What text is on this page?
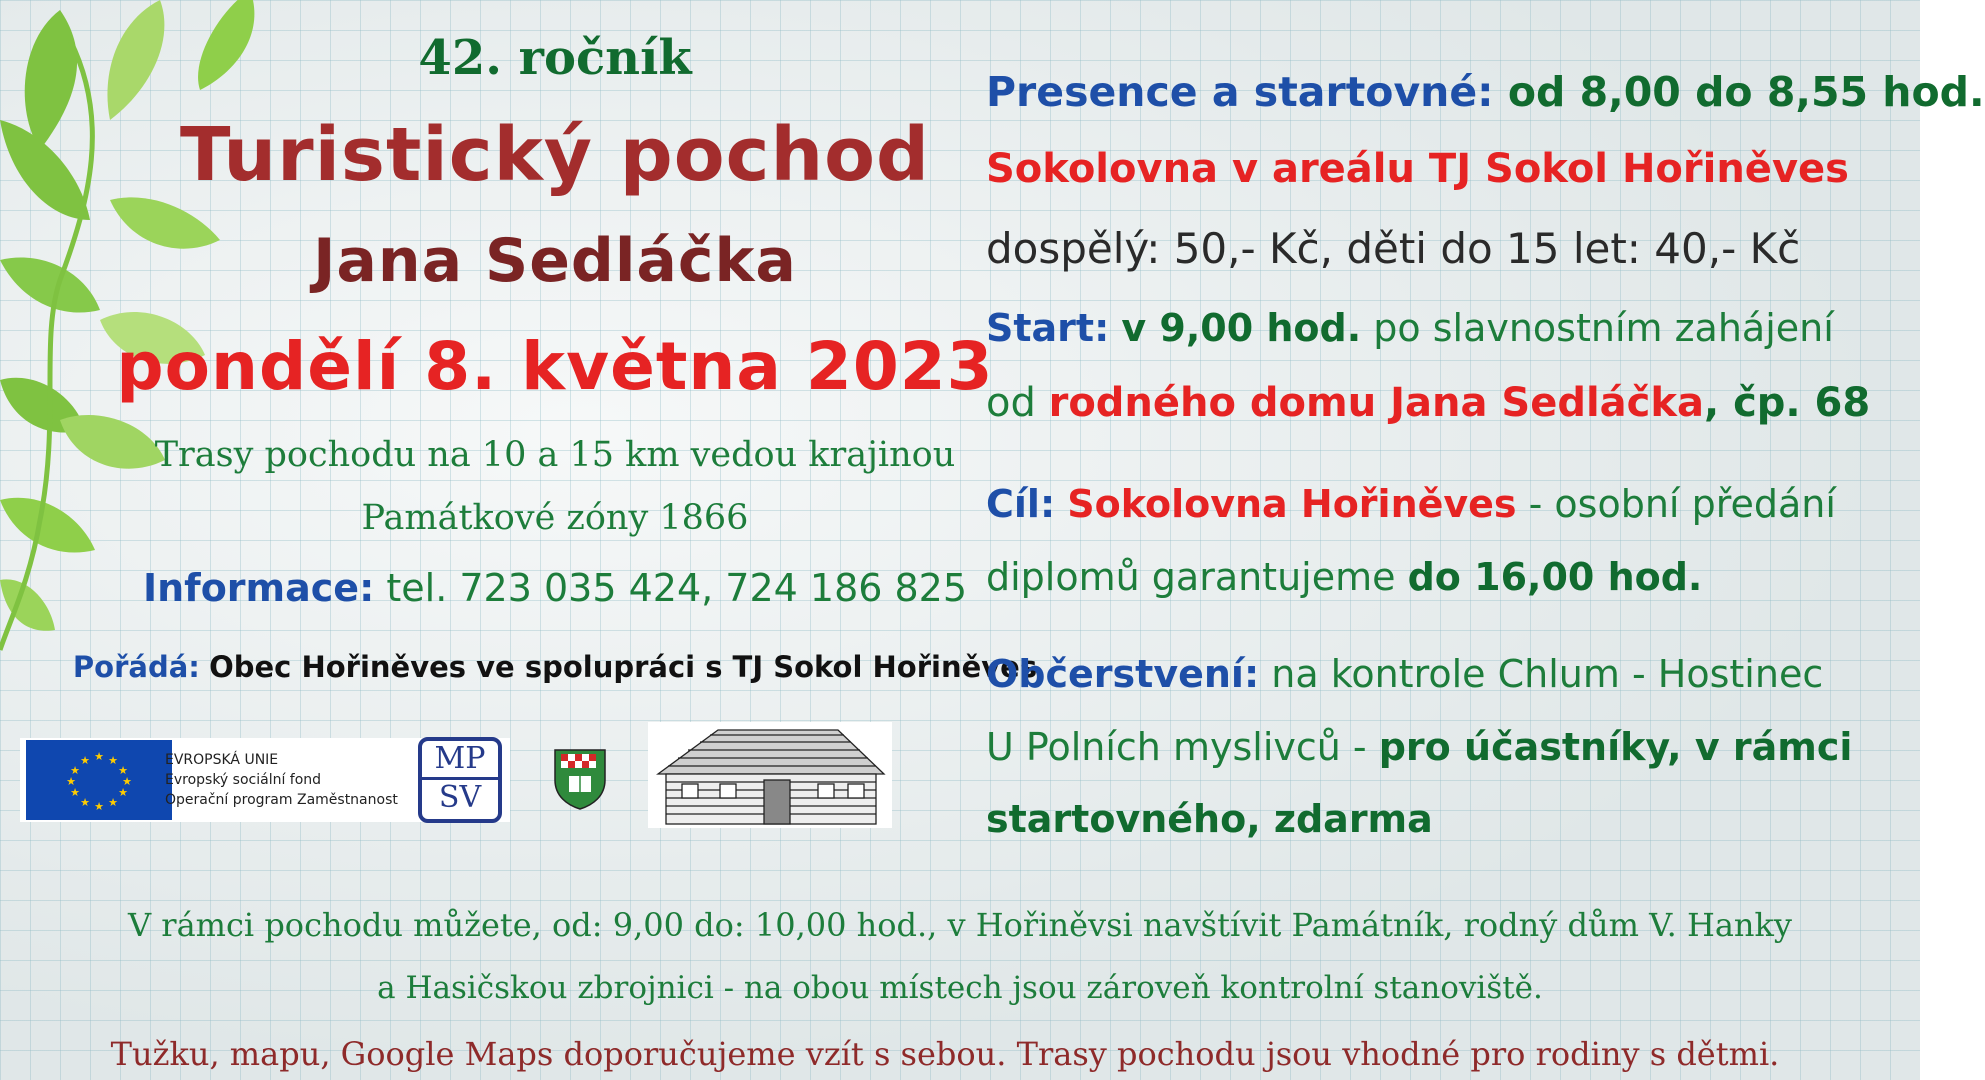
42. ročník

Turistický pochod

Jana Sedláčka

pondělí 8. května 2023

Trasy pochodu na 10 a 15 km vedou krajinou

Památkové zóny 1866

Informace: tel. 723 035 424, 724 186 825

Pořádá: Obec Hořiněves ve spolupráci s TJ Sokol Hořiněves

★ ★
★
★
★
★
★
★
★
★
★
★	EVROPSKÁ UNIE
Evropský sociální fond
Operační program Zaměstnanost
MP
SV

Presence a startovné: od 8,00 do 8,55 hod.

Sokolovna v areálu TJ Sokol Hořiněves

dospělý: 50,- Kč, děti do 15 let: 40,- Kč

Start: v 9,00 hod. po slavnostním zahájení

od rodného domu Jana Sedláčka, čp. 68

Cíl: Sokolovna Hořiněves - osobní předání

diplomů garantujeme do 16,00 hod.

Občerstvení: na kontrole Chlum - Hostinec

U Polních myslivců - pro účastníky, v rámci

startovného, zdarma

V rámci pochodu můžete, od: 9,00 do: 10,00 hod., v Hořiněvsi navštívit Památník, rodný dům V. Hanky

a Hasičskou zbrojnici - na obou místech jsou zároveň kontrolní stanoviště.

Tužku, mapu, Google Maps doporučujeme vzít s sebou. Trasy pochodu jsou vhodné pro rodiny s dětmi.
